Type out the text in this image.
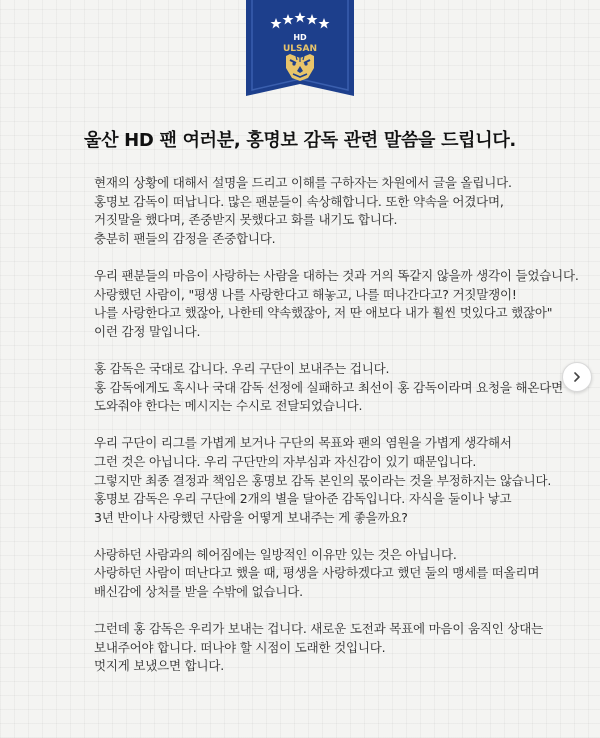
HD
ULSAN
울산 HD 팬 여러분, 홍명보 감독 관련 말씀을 드립니다.

현재의 상황에 대해서 설명을 드리고 이해를 구하자는 차원에서 글을 올립니다.
홍명보 감독이 떠납니다. 많은 팬분들이 속상해합니다. 또한 약속을 어겼다며,
거짓말을 했다며, 존중받지 못했다고 화를 내기도 합니다.
충분히 팬들의 감정을 존중합니다.

우리 팬분들의 마음이 사랑하는 사람을 대하는 것과 거의 똑같지 않을까 생각이 들었습니다.
사랑했던 사람이, "평생 나를 사랑한다고 해놓고, 나를 떠나간다고? 거짓말쟁이!
나를 사랑한다고 했잖아, 나한테 약속했잖아, 저 딴 애보다 내가 훨씬 멋있다고 했잖아"
이런 감정 말입니다.

홍 감독은 국대로 갑니다. 우리 구단이 보내주는 겁니다.
홍 감독에게도 혹시나 국대 감독 선정에 실패하고 최선이 홍 감독이라며 요청을 해온다면
도와줘야 한다는 메시지는 수시로 전달되었습니다.

우리 구단이 리그를 가볍게 보거나 구단의 목표와 팬의 염원을 가볍게 생각해서
그런 것은 아닙니다. 우리 구단만의 자부심과 자신감이 있기 때문입니다.
그렇지만 최종 결정과 책임은 홍명보 감독 본인의 몫이라는 것을 부정하지는 않습니다.
홍명보 감독은 우리 구단에 2개의 별을 달아준 감독입니다. 자식을 둘이나 낳고
3년 반이나 사랑했던 사람을 어떻게 보내주는 게 좋을까요?

사랑하던 사람과의 헤어짐에는 일방적인 이유만 있는 것은 아닙니다.
사랑하던 사람이 떠난다고 했을 때, 평생을 사랑하겠다고 했던 둘의 맹세를 떠올리며
배신감에 상처를 받을 수밖에 없습니다.

그런데 홍 감독은 우리가 보내는 겁니다. 새로운 도전과 목표에 마음이 움직인 상대는
보내주어야 합니다. 떠나야 할 시점이 도래한 것입니다.
멋지게 보냈으면 합니다.
